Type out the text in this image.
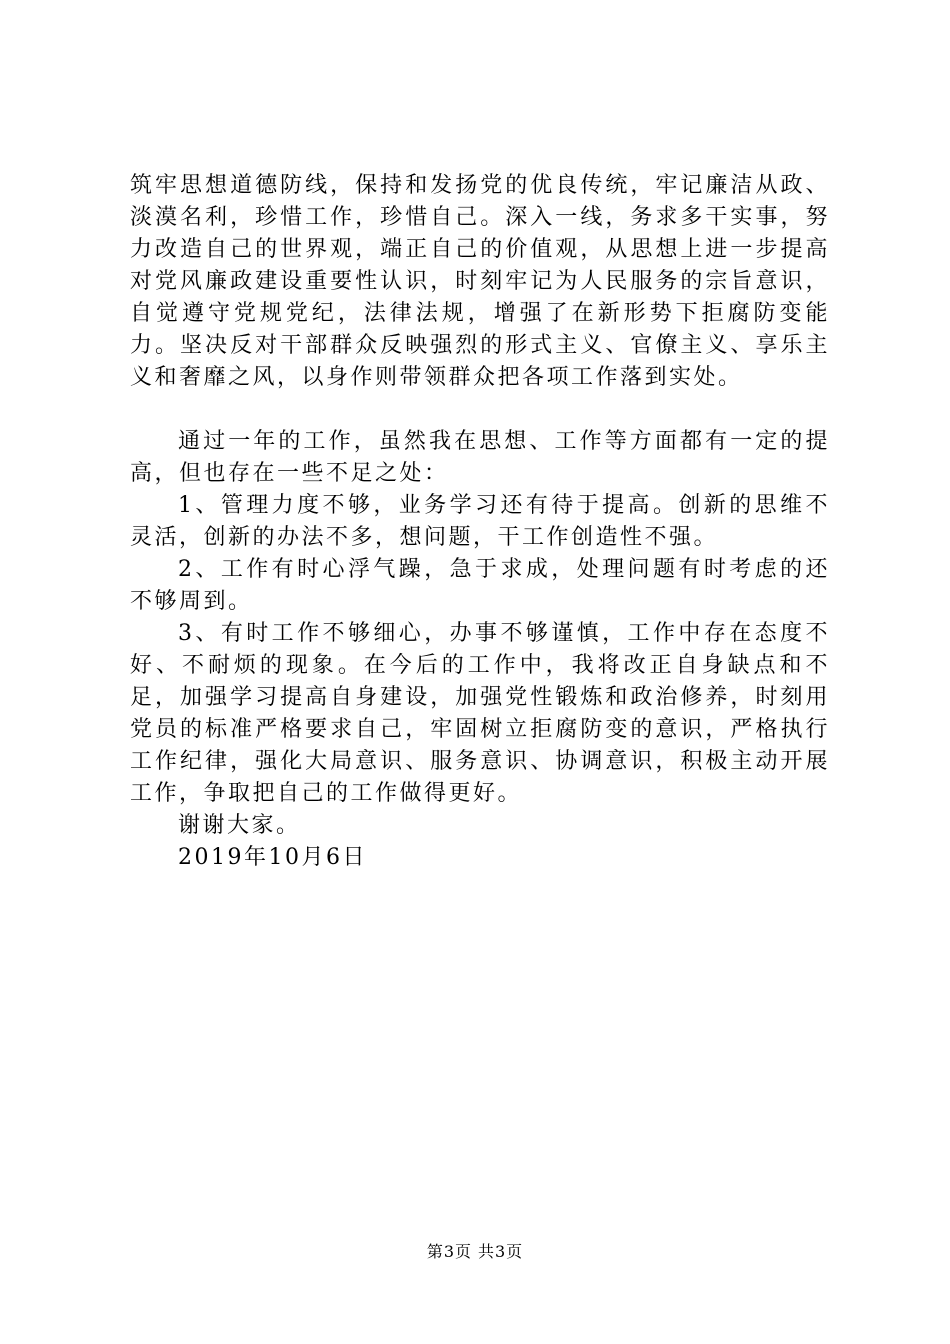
筑牢思想道德防线，保持和发扬党的优良传统，牢记廉洁从政、淡漠名利，珍惜工作，珍惜自己。深入一线，务求多干实事，努力改造自己的世界观，端正自己的价值观，从思想上进一步提高对党风廉政建设重要性认识，时刻牢记为人民服务的宗旨意识，自觉遵守党规党纪，法律法规，增强了在新形势下拒腐防变能力。坚决反对干部群众反映强烈的形式主义、官僚主义、享乐主义和奢靡之风，以身作则带领群众把各项工作落到实处。

通过一年的工作，虽然我在思想、工作等方面都有一定的提高，但也存在一些不足之处：

1、管理力度不够，业务学习还有待于提高。创新的思维不灵活，创新的办法不多，想问题，干工作创造性不强。

2、工作有时心浮气躁，急于求成，处理问题有时考虑的还不够周到。

3、有时工作不够细心，办事不够谨慎，工作中存在态度不好、不耐烦的现象。在今后的工作中，我将改正自身缺点和不足，加强学习提高自身建设，加强党性锻炼和政治修养，时刻用党员的标准严格要求自己，牢固树立拒腐防变的意识，严格执行工作纪律，强化大局意识、服务意识、协调意识，积极主动开展工作，争取把自己的工作做得更好。

谢谢大家。

2019年10月6日

第3页 共3页
